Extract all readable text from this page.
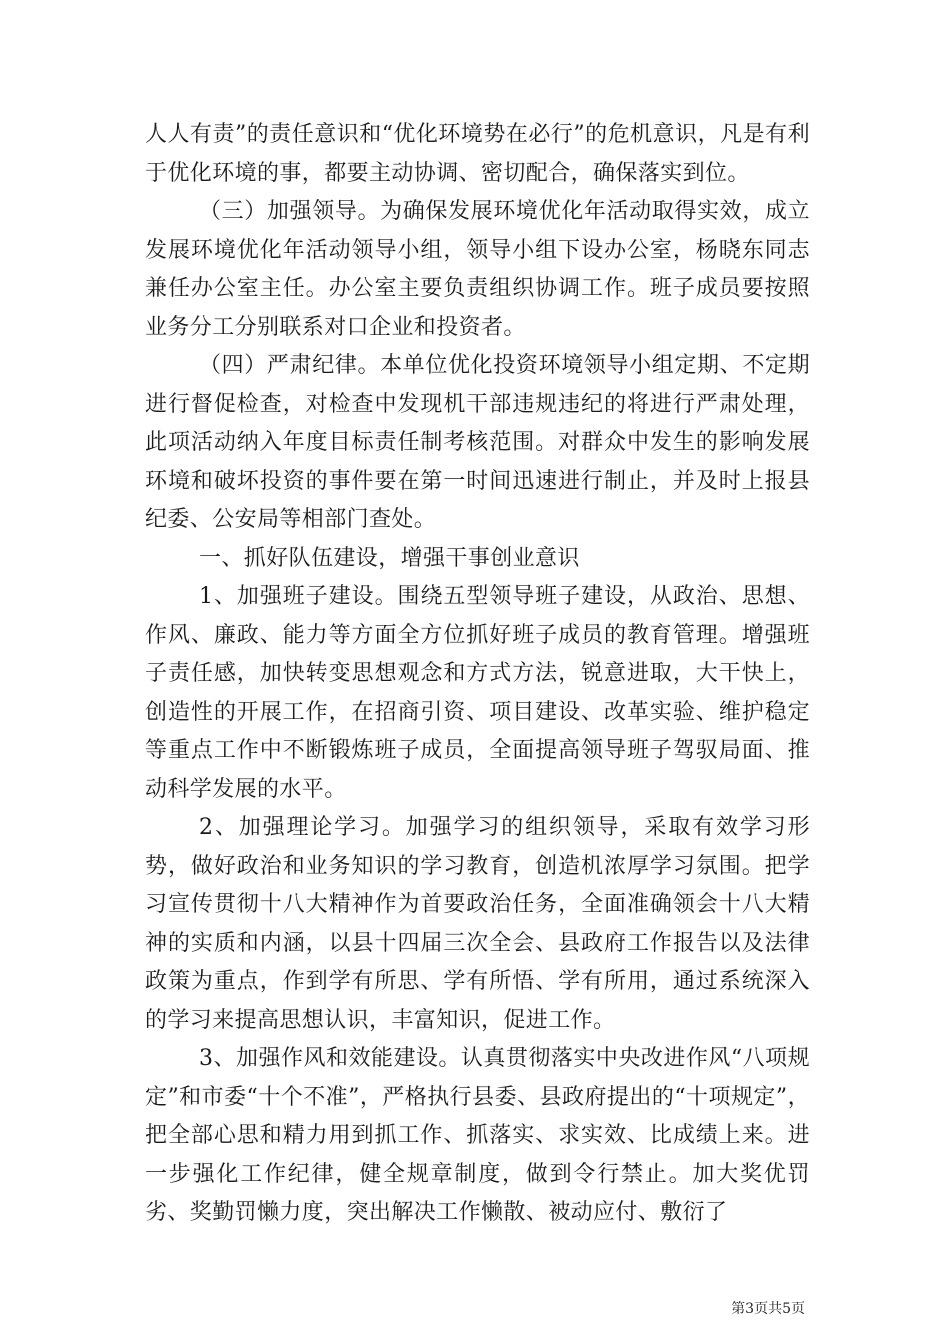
人人有责”的责任意识和“优化环境势在必行”的危机意识，凡是有利于优化环境的事，都要主动协调、密切配合，确保落实到位。

（三）加强领导。为确保发展环境优化年活动取得实效，成立发展环境优化年活动领导小组，领导小组下设办公室，杨晓东同志兼任办公室主任。办公室主要负责组织协调工作。班子成员要按照业务分工分别联系对口企业和投资者。

（四）严肃纪律。本单位优化投资环境领导小组定期、不定期进行督促检查，对检查中发现机干部违规违纪的将进行严肃处理，此项活动纳入年度目标责任制考核范围。对群众中发生的影响发展环境和破坏投资的事件要在第一时间迅速进行制止，并及时上报县纪委、公安局等相部门查处。

一、抓好队伍建设，增强干事创业意识

1、加强班子建设。围绕五型领导班子建设，从政治、思想、作风、廉政、能力等方面全方位抓好班子成员的教育管理。增强班子责任感，加快转变思想观念和方式方法，锐意进取，大干快上，创造性的开展工作，在招商引资、项目建设、改革实验、维护稳定等重点工作中不断锻炼班子成员，全面提高领导班子驾驭局面、推动科学发展的水平。

2、加强理论学习。加强学习的组织领导，采取有效学习形势，做好政治和业务知识的学习教育，创造机浓厚学习氛围。把学习宣传贯彻十八大精神作为首要政治任务，全面准确领会十八大精神的实质和内涵，以县十四届三次全会、县政府工作报告以及法律政策为重点，作到学有所思、学有所悟、学有所用，通过系统深入的学习来提高思想认识，丰富知识，促进工作。

3、加强作风和效能建设。认真贯彻落实中央改进作风“八项规定”和市委“十个不准”，严格执行县委、县政府提出的“十项规定”，把全部心思和精力用到抓工作、抓落实、求实效、比成绩上来。进一步强化工作纪律，健全规章制度，做到令行禁止。加大奖优罚劣、奖勤罚懒力度，突出解决工作懒散、被动应付、敷衍了

第3页共5页
